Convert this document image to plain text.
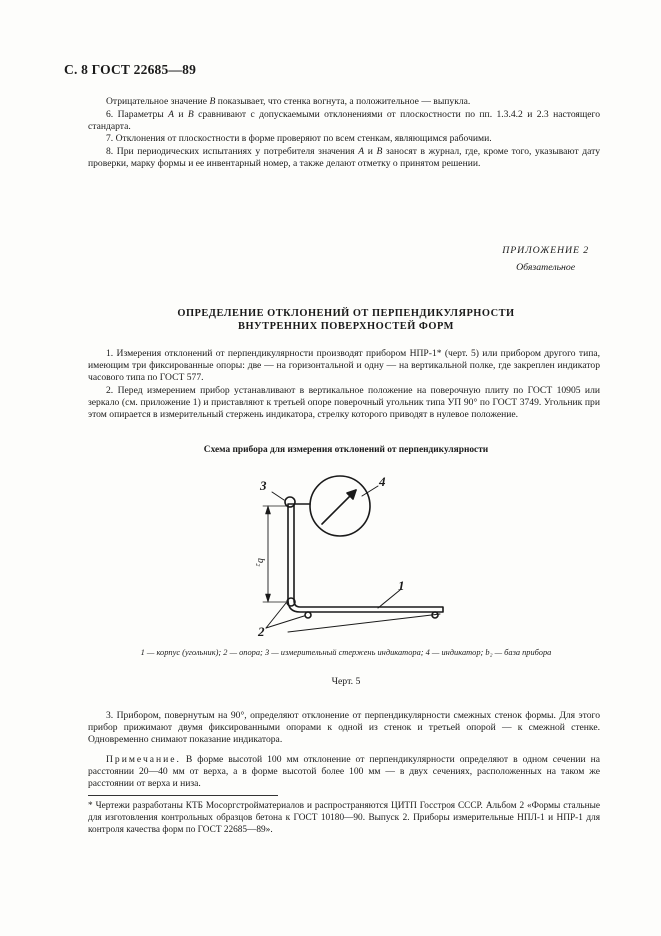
С. 8 ГОСТ 22685—89

Отрицательное значение B показывает, что стенка вогнута, а положительное — выпукла.

6. Параметры A и B сравнивают с допускаемыми отклонениями от плоскостности по пп. 1.3.4.2 и 2.3 настоящего стандарта.

7. Отклонения от плоскостности в форме проверяют по всем стенкам, являющимся рабочими.

8. При периодических испытаниях у потребителя значения A и B заносят в журнал, где, кроме того, указывают дату проверки, марку формы и ее инвентарный номер, а также делают отметку о принятом решении.

ПРИЛОЖЕНИЕ 2
Обязательное
ОПРЕДЕЛЕНИЕ ОТКЛОНЕНИЙ ОТ ПЕРПЕНДИКУЛЯРНОСТИ
ВНУТРЕННИХ ПОВЕРХНОСТЕЙ ФОРМ

1. Измерения отклонений от перпендикулярности производят прибором НПР-1* (черт. 5) или прибором другого типа, имеющим три фиксированные опоры: две — на горизонтальной и одну — на вертикальной полке, где закреплен индикатор часового типа по ГОСТ 577.

2. Перед измерением прибор устанавливают в вертикальное положение на поверочную плиту по ГОСТ 10905 или зеркало (см. приложение 1) и приставляют к третьей опоре поверочный угольник типа УП 90° по ГОСТ 3749. Угольник при этом опирается в измерительный стержень индикатора, стрелку которого приводят в нулевое положение.

Схема прибора для измерения отклонений от перпендикулярности
3	4
1
2
b₂
1 — корпус (угольник); 2 — опора; 3 — измерительный стержень индикатора; 4 — индикатор; b₂ — база прибора
Черт. 5

3. Прибором, повернутым на 90°, определяют отклонение от перпендикулярности смежных стенок формы. Для этого прибор прижимают двумя фиксированными опорами к одной из стенок и третьей опорой — к смежной стенке. Одновременно снимают показание индикатора.

Примечание. В форме высотой 100 мм отклонение от перпендикулярности определяют в одном сечении на расстоянии 20—40 мм от верха, а в форме высотой более 100 мм — в двух сечениях, расположенных на таком же расстоянии от верха и низа.

* Чертежи разработаны КТБ Мосоргстройматериалов и распространяются ЦИТП Госстроя СССР. Альбом 2 «Формы стальные для изготовления контрольных образцов бетона к ГОСТ 10180—90. Выпуск 2. Приборы измерительные НПЛ-1 и НПР-1 для контроля качества форм по ГОСТ 22685—89».
